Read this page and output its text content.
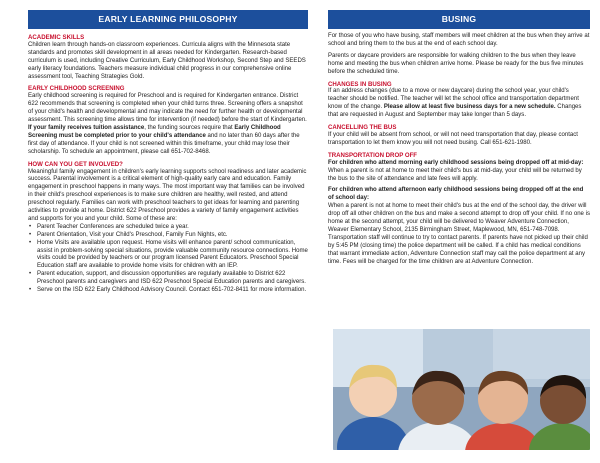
EARLY LEARNING PHILOSOPHY
ACADEMIC SKILLS

Children learn through hands-on classroom experiences. Curricula aligns with the Minnesota state standards and promotes skill development in all areas needed for Kindergarten. Research-based curriculum is used, including Creative Curriculum, Early Childhood Workshop, Second Step and SEEDS early literacy foundations. Teachers measure individual child progress in our comprehensive online assessment tool, Teaching Strategies Gold.

EARLY CHILDHOOD SCREENING

Early childhood screening is required for Preschool and is required for Kindergarten entrance. District 622 recommends that screening is completed when your child turns three. Screening offers a snapshot of your child's health and developmental and may indicate the need for further health or developmental assessment. This screening time allows time for intervention (if needed) before the start of Kindergarten. If your family receives tuition assistance, the funding sources require that Early Childhood Screening must be completed prior to your child's attendance and no later than 60 days after the first day of attendance. If your child is not screened within this timeframe, your child may lose their scholarship. To schedule an appointment, please call 651-702-8468.

HOW CAN YOU GET INVOLVED?

Meaningful family engagement in children's early learning supports school readiness and later academic success. Parental involvement is a critical element of high-quality early care and education. Family engagement in preschool happens in many ways. The most important way that families can be involved in their child's preschool experiences is to make sure children are healthy, well rested, and attend preschool regularly. Families can work with preschool teachers to get ideas for learning and parenting activities to provide at home. District 622 Preschool provides a variety of family engagement activities and supports for you and your child. Some of these are:

• Parent Teacher Conferences are scheduled twice a year.
• Parent Orientation, Visit your Child's Preschool, Family Fun Nights, etc.
• Home Visits are available upon request. Home visits will enhance parent/ school communication, assist in problem-solving special situations, provide valuable community resource connections. Home visits could be provided by teachers or our program licensed Parent Educators. Preschool Special Education staff are available to provide home visits for children with an IEP.
• Parent education, support, and discussion opportunities are regularly available to District 622 Preschool parents and caregivers and ISD 622 Preschool Special Education parents and caregivers.
• Serve on the ISD 622 Early Childhood Advisory Council. Contact 651-702-8411 for more information.
BUSING

For those of you who have busing, staff members will meet children at the bus when they arrive at school and bring them to the bus at the end of each school day.

Parents or daycare providers are responsible for walking children to the bus when they leave home and meeting the bus when children arrive home. Please be ready for the bus five minutes before the scheduled time.

CHANGES IN BUSING

If an address changes (due to a move or new daycare) during the school year, your child's teacher should be notified. The teacher will let the school office and transportation department know of the change. Please allow at least five business days for a new schedule. Changes that are requested in August and September may take longer than 5 days.

CANCELLING THE BUS

If your child will be absent from school, or will not need transportation that day, please contact transportation to let them know you will not need busing. Call 651-621-1980.

TRANSPORTATION DROP OFF

For children who attend morning early childhood sessions being dropped off at mid-day:

When a parent is not at home to meet their child's bus at mid-day, your child will be returned by the bus to the site of attendance and late fees will apply.

For children who attend afternoon early childhood sessions being dropped off at the end of school day:

When a parent is not at home to meet their child's bus at the end of the school day, the driver will drop off all other children on the bus and make a second attempt to drop off your child. If no one is home at the second attempt, your child will be delivered to Weaver Adventure Connection, Weaver Elementary School, 2135 Birmingham Street, Maplewood, MN, 651-748-7098. Transportation staff will continue to try to contact parents. If parents have not picked up their child by 5:45 PM (closing time) the police department will be called. If a child has medical conditions that warrant immediate action, Adventure Connection staff may call the police department at any time. Fees will be charged for the time children are at Adventure Connection.
